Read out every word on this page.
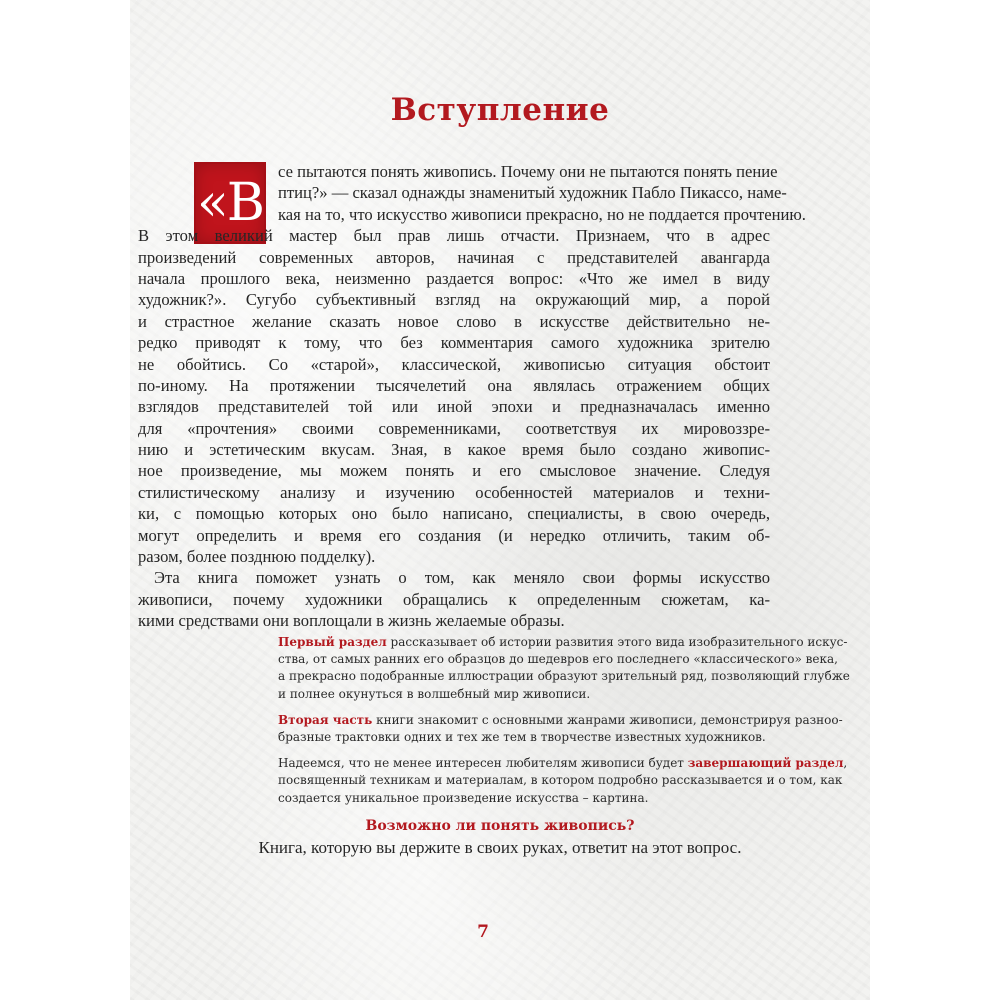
Вступление
«В
се пытаются понять живопись. Почему они не пытаются понять пение
птиц?» — сказал однажды знаменитый художник Пабло Пикассо, наме-
кая на то, что искусство живописи прекрасно, но не поддается прочтению.
В этом великий мастер был прав лишь отчасти. Признаем, что в адрес
произведений современных авторов, начиная с представителей авангарда
начала прошлого века, неизменно раздается вопрос: «Что же имел в виду
художник?». Сугубо субъективный взгляд на окружающий мир, а порой
и страстное желание сказать новое слово в искусстве действительно не-
редко приводят к тому, что без комментария самого художника зрителю
не обойтись. Со «старой», классической, живописью ситуация обстоит
по-иному. На протяжении тысячелетий она являлась отражением общих
взглядов представителей той или иной эпохи и предназначалась именно
для «прочтения» своими современниками, соответствуя их мировоззре-
нию и эстетическим вкусам. Зная, в какое время было создано живопис-
ное произведение, мы можем понять и его смысловое значение. Следуя
стилистическому анализу и изучению особенностей материалов и техни-
ки, с помощью которых оно было написано, специалисты, в свою очередь,
могут определить и время его создания (и нередко отличить, таким об-
разом, более позднюю подделку).
Эта книга поможет узнать о том, как меняло свои формы искусство
живописи, почему художники обращались к определенным сюжетам, ка-
кими средствами они воплощали в жизнь желаемые образы.
Первый раздел рассказывает об истории развития этого вида изобразительного искус-
ства, от самых ранних его образцов до шедевров его последнего «классического» века,
а прекрасно подобранные иллюстрации образуют зрительный ряд, позволяющий глубже
и полнее окунуться в волшебный мир живописи.
Вторая часть книги знакомит с основными жанрами живописи, демонстрируя разноо-
бразные трактовки одних и тех же тем в творчестве известных художников.
Надеемся, что не менее интересен любителям живописи будет завершающий раздел,
посвященный техникам и материалам, в котором подробно рассказывается и о том, как
создается уникальное произведение искусства – картина.
Возможно ли понять живопись?
Книга, которую вы держите в своих руках, ответит на этот вопрос.
7
